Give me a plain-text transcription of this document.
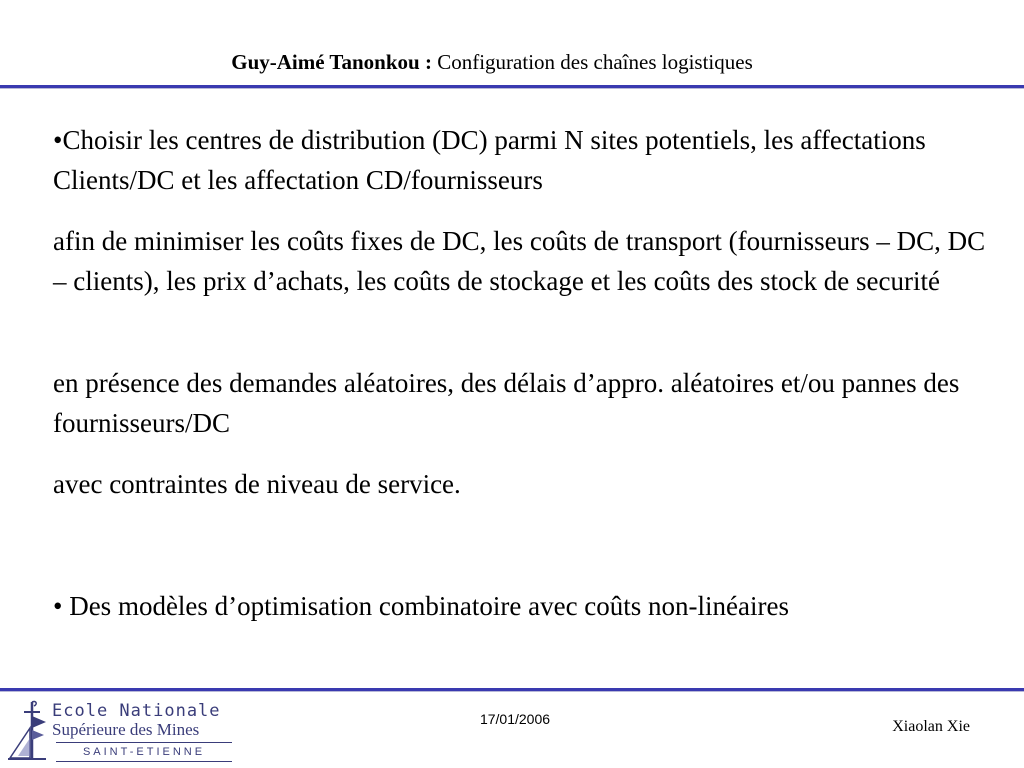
Guy-Aimé Tanonkou : Configuration des chaînes logistiques

•Choisir les centres de distribution (DC) parmi N sites potentiels, les affectations Clients/DC et les affectation CD/fournisseurs

afin de minimiser les coûts fixes de DC, les coûts de transport (fournisseurs – DC, DC – clients), les prix d’achats, les coûts de stockage et les coûts des stock de securité

en présence des demandes aléatoires, des délais d’appro. aléatoires et/ou pannes des fournisseurs/DC

avec contraintes de niveau de service.

• Des modèles d’optimisation combinatoire avec coûts non-linéaires

Ecole Nationale
Supérieure des Mines
SAINT-ETIENNE
17/01/2006	Xiaolan Xie
